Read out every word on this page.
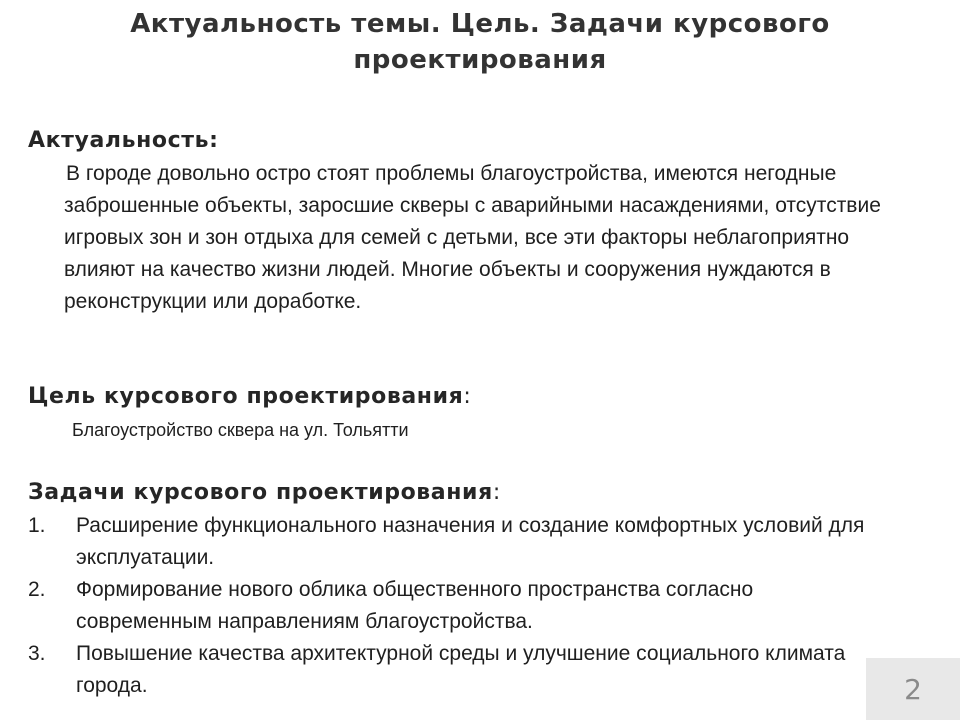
Актуальность темы. Цель. Задачи курсового проектирования

Актуальность:

В городе довольно остро стоят проблемы благоустройства, имеются негодные заброшенные объекты, заросшие скверы с аварийными насаждениями, отсутствие игровых зон и зон отдыха для семей с детьми, все эти факторы неблагоприятно влияют на качество жизни людей. Многие объекты и сооружения нуждаются в реконструкции или доработке.

Цель курсового проектирования:

Благоустройство сквера на ул. Тольятти

Задачи курсового проектирования:

1.	Расширение функционального назначения и создание комфортных условий для эксплуатации.
2.	Формирование нового облика общественного пространства согласно современным направлениям благоустройства.
3.	Повышение качества архитектурной среды и улучшение социального климата города.	2
